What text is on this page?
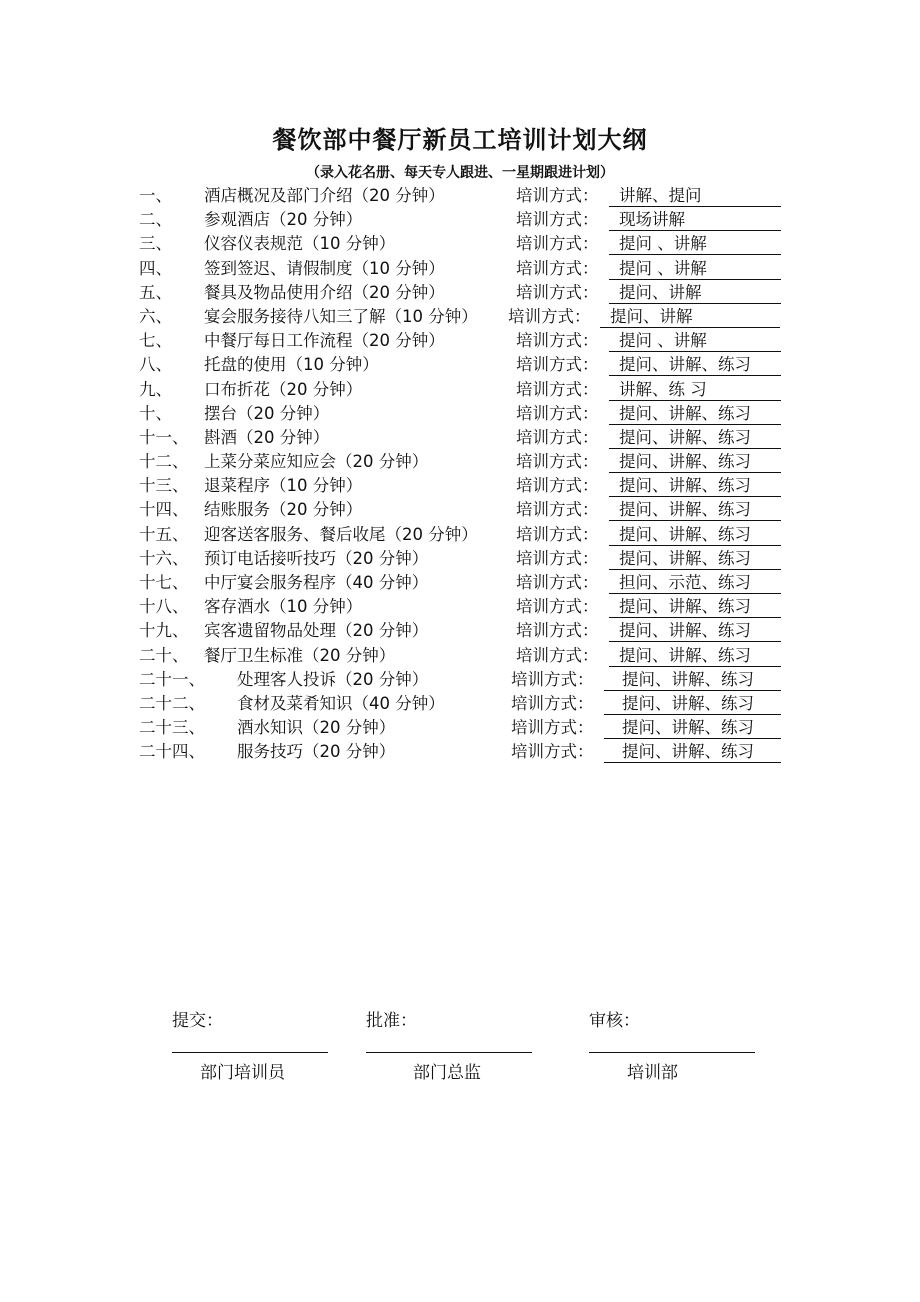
餐饮部中餐厅新员工培训计划大纲
（录入花名册、每天专人跟进、一星期跟进计划）
一、 酒店概况及部门介绍（20 分钟）	培训方式：	讲解、提问
二、 参观酒店（20 分钟）	培训方式：	现场讲解
三、 仪容仪表规范（10 分钟）	培训方式：	提问 、讲解
四、 签到签迟、请假制度（10 分钟）	培训方式：	提问 、讲解
五、 餐具及物品使用介绍（20 分钟）	培训方式：	提问、讲解
六、 宴会服务接待八知三了解（10 分钟） 培训方式：	提问、讲解
七、 中餐厅每日工作流程（20 分钟）	培训方式：	提问 、讲解
八、 托盘的使用（10 分钟）	培训方式：	提问、讲解、练习
九、 口布折花（20 分钟）	培训方式：	讲解、练 习
十、 摆台（20 分钟）	培训方式：	提问、讲解、练习
十一、 斟酒（20 分钟）	培训方式：	提问、讲解、练习
十二、 上菜分菜应知应会（20 分钟）	培训方式：	提问、讲解、练习
十三、 退菜程序（10 分钟）	培训方式：	提问、讲解、练习
十四、 结账服务（20 分钟）	培训方式：	提问、讲解、练习
十五、 迎客送客服务、餐后收尾（20 分钟） 培训方式：	提问、讲解、练习
十六、 预订电话接听技巧（20 分钟）	培训方式：	提问、讲解、练习
十七、 中厅宴会服务程序（40 分钟）	培训方式：	担问、示范、练习
十八、 客存酒水（10 分钟）	培训方式：	提问、讲解、练习
十九、 宾客遗留物品处理（20 分钟）	培训方式：	提问、讲解、练习
二十、 餐厅卫生标准（20 分钟）	培训方式：	提问、讲解、练习
二十一、 处理客人投诉（20 分钟）	培训方式：	提问、讲解、练习
二十二、 食材及菜肴知识（40 分钟）	培训方式：	提问、讲解、练习
二十三、 酒水知识（20 分钟）	培训方式：	提问、讲解、练习
二十四、 服务技巧（20 分钟）	培训方式：	提问、讲解、练习
提交：
部门培训员
批准：
部门总监
审核：
培训部
